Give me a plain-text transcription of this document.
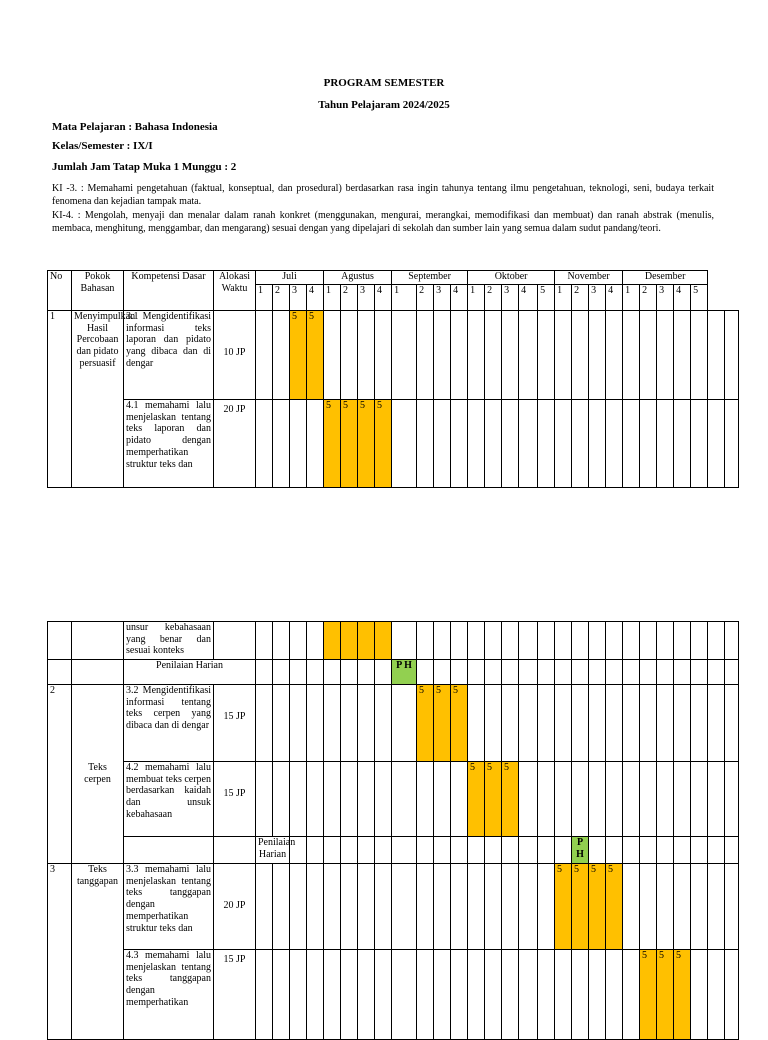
PROGRAM SEMESTER
Tahun Pelajaram 2024/2025
Mata Pelajaran : Bahasa Indonesia
Kelas/Semester : IX/I
Jumlah Jam Tatap Muka 1 Munggu : 2
KI -3. : Memahami pengetahuan (faktual, konseptual, dan prosedural) berdasarkan rasa ingin tahunya tentang ilmu pengetahuan, teknologi, seni, budaya terkait fenomena dan kejadian tampak mata.
KI-4. : Mengolah, menyaji dan menalar dalam ranah konkret (menggunakan, mengurai, merangkai, memodifikasi dan membuat) dan ranah abstrak (menulis, membaca, menghitung, menggambar, dan mengarang) sesuai dengan yang dipelajari di sekolah dan sumber lain yang semua dalam sudut pandang/teori.
No	Pokok Bahasan	Kompetensi Dasar	Alokasi Waktu	Juli				Agustus				September				Oktober					November				Desember						
				1	2	3	4	1	2	3	4	1	2	3	4	1	2	3	4	5	1	2	3	4	1	2	3	4	5		
1	Menyimpulkan Hasil Percobaan dan pidato persuasif	3.1 Mengidentifikasi informasi teks laporan dan pidato yang dibaca dan di dengar	10 JP			5	5																								
		4.1 memahami lalu menjelaskan tentang teks laporan dan pidato dengan memperhatikan struktur teks dan	20 JP					5	5	5	5																				
		unsur kebahasaan yang benar dan sesuai konteks																														
		Penilaian Harian										P H																				
2	Teks cerpen	3.2 Mengidentifikasi informasi tentang teks cerpen yang dibaca dan di dengar	15 JP										5	5	5																	
		4.2 memahami lalu membuat teks cerpen berdasarkan kaidah dan unsuk kebahasaan	15 JP													5	5	5														
				Penilaian Harian																		P H											
3	Teks tanggapan	3.3 memahami lalu menjelaskan tentang teks tanggapan dengan memperhatikan struktur teks dan	20 JP																		5	5	5	5								
		4.3 memahami lalu menjelaskan tentang teks tanggapan dengan memperhatikan	15 JP																							5	5	5				
